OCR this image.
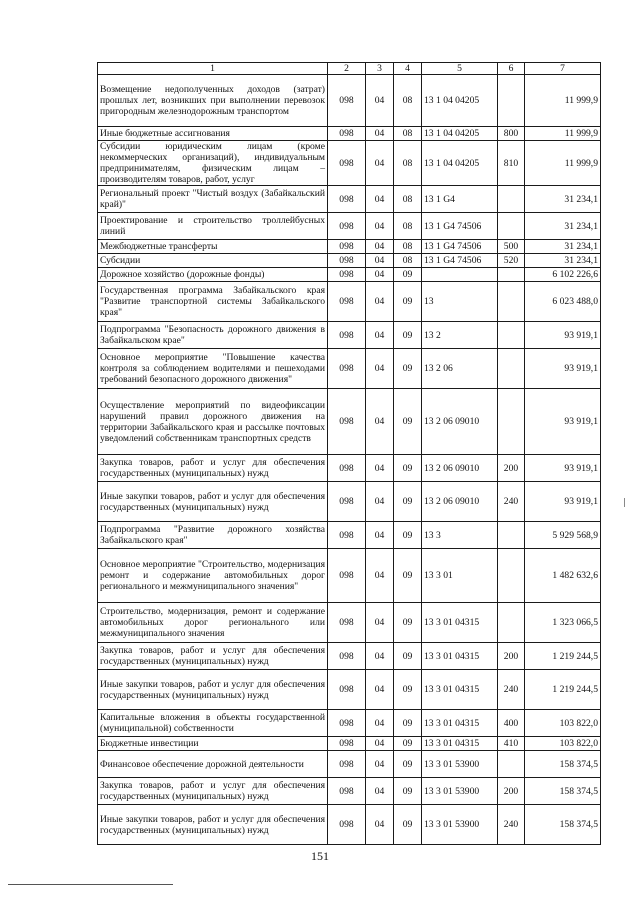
1	2	3	4	5	6	7
Возмещение недополученных доходов (затрат) прошлых лет, возникших при выполнении перевозок пригородным железнодорожным транспортом	098	04	08	13 1 04 04205		11 999,9
Иные бюджетные ассигнования	098	04	08	13 1 04 04205	800	11 999,9
Субсидии юридическим лицам (кроме некоммерческих организаций), индивидуальным предпринимателям, физическим лицам – производителям товаров, работ, услуг	098	04	08	13 1 04 04205	810	11 999,9
Региональный проект "Чистый воздух (Забайкальский край)"	098	04	08	13 1 G4		31 234,1
Проектирование и строительство троллейбусных линий	098	04	08	13 1 G4 74506		31 234,1
Межбюджетные трансферты	098	04	08	13 1 G4 74506	500	31 234,1
Субсидии	098	04	08	13 1 G4 74506	520	31 234,1
Дорожное хозяйство (дорожные фонды)	098	04	09			6 102 226,6
Государственная программа Забайкальского края "Развитие транспортной системы Забайкальского края"	098	04	09	13		6 023 488,0
Подпрограмма "Безопасность дорожного движения в Забайкальском крае"	098	04	09	13 2		93 919,1
Основное мероприятие "Повышение качества контроля за соблюдением водителями и пешеходами требований безопасного дорожного движения"	098	04	09	13 2 06		93 919,1
Осуществление мероприятий по видеофиксации нарушений правил дорожного движения на территории Забайкальского края и рассылке почтовых уведомлений собственникам транспортных средств	098	04	09	13 2 06 09010		93 919,1
Закупка товаров, работ и услуг для обеспечения государственных (муниципальных) нужд	098	04	09	13 2 06 09010	200	93 919,1
Иные закупки товаров, работ и услуг для обеспечения государственных (муниципальных) нужд	098	04	09	13 2 06 09010	240	93 919,1
Подпрограмма "Развитие дорожного хозяйства Забайкальского края"	098	04	09	13 3		5 929 568,9
Основное мероприятие "Строительство, модернизация ремонт и содержание автомобильных дорог регионального и межмуниципального значения"	098	04	09	13 3 01		1 482 632,6
Строительство, модернизация, ремонт и содержание автомобильных дорог регионального или межмуниципального значения	098	04	09	13 3 01 04315		1 323 066,5
Закупка товаров, работ и услуг для обеспечения государственных (муниципальных) нужд	098	04	09	13 3 01 04315	200	1 219 244,5
Иные закупки товаров, работ и услуг для обеспечения государственных (муниципальных) нужд	098	04	09	13 3 01 04315	240	1 219 244,5
Капитальные вложения в объекты государственной (муниципальной) собственности	098	04	09	13 3 01 04315	400	103 822,0
Бюджетные инвестиции	098	04	09	13 3 01 04315	410	103 822,0
Финансовое обеспечение дорожной деятельности	098	04	09	13 3 01 53900		158 374,5
Закупка товаров, работ и услуг для обеспечения государственных (муниципальных) нужд	098	04	09	13 3 01 53900	200	158 374,5
Иные закупки товаров, работ и услуг для обеспечения государственных (муниципальных) нужд	098	04	09	13 3 01 53900	240	158 374,5
151
